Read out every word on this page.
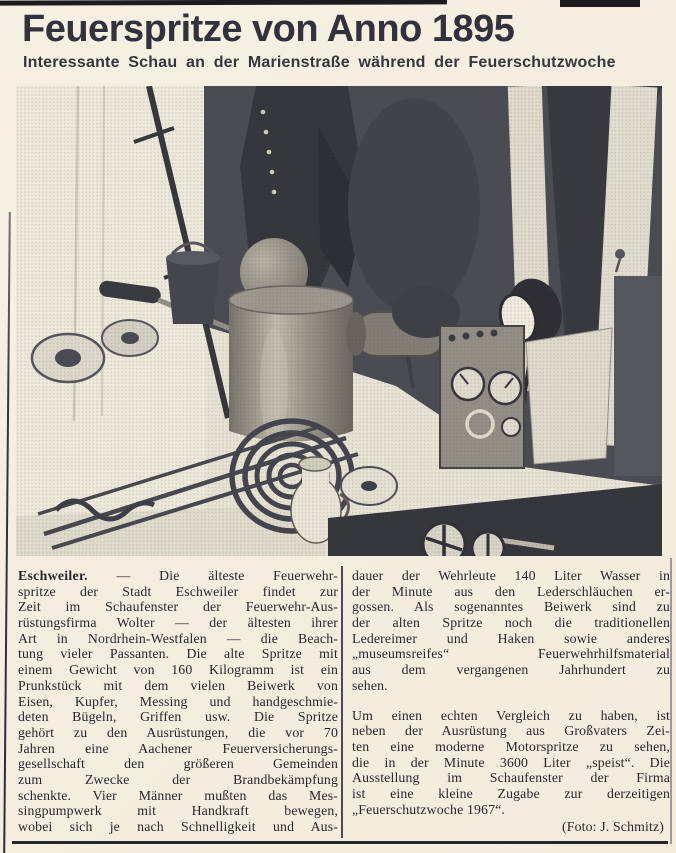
Feuerspritze von Anno 1895
Interessante Schau an der Marienstraße während der Feuerschutzwoche
Eschweiler. — Die älteste Feuerwehr-
spritze der Stadt Eschweiler findet zur
Zeit im Schaufenster der Feuerwehr-Aus-
rüstungsfirma Wolter — der ältesten ihrer
Art in Nordrhein-Westfalen — die Beach-
tung vieler Passanten. Die alte Spritze mit
einem Gewicht von 160 Kilogramm ist ein
Prunkstück mit dem vielen Beiwerk von
Eisen, Kupfer, Messing und handgeschmie-
deten Bügeln, Griffen usw. Die Spritze
gehört zu den Ausrüstungen, die vor 70
Jahren eine Aachener Feuerversicherungs-
gesellschaft den größeren Gemeinden
zum Zwecke der Brandbekämpfung
schenkte. Vier Männer mußten das Mes-
singpumpwerk mit Handkraft bewegen,
wobei sich je nach Schnelligkeit und Aus-
dauer der Wehrleute 140 Liter Wasser in
der Minute aus den Lederschläuchen er-
gossen. Als sogenanntes Beiwerk sind zu
der alten Spritze noch die traditionellen
Ledereimer und Haken sowie anderes
„museumsreifes“ Feuerwehrhilfsmaterial
aus dem vergangenen Jahrhundert zu
sehen.
Um einen echten Vergleich zu haben, ist
neben der Ausrüstung aus Großvaters Zei-
ten eine moderne Motorspritze zu sehen,
die in der Minute 3600 Liter „speist“. Die
Ausstellung im Schaufenster der Firma
ist eine kleine Zugabe zur derzeitigen
„Feuerschutzwoche 1967“.
(Foto: J. Schmitz)
